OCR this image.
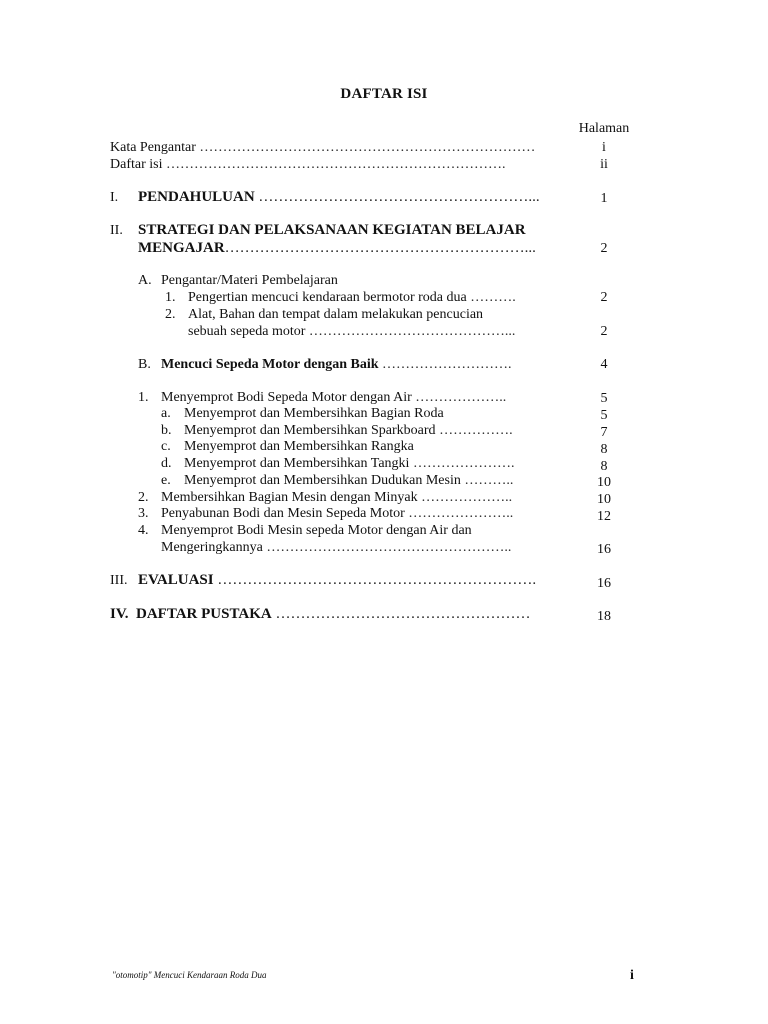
DAFTAR ISI
Halaman
Kata Pengantar ………………………………………………………………	i
Daftar isi ……………………………………………………………….	ii
I.	PENDAHULUAN ………………………………………………...	1
II.	STRATEGI DAN PELAKSANAAN KEGIATAN BELAJAR
MENGAJAR……………………………………………………...	2
A. Pengantar/Materi Pembelajaran
1. Pengertian mencuci kendaraan bermotor roda dua ……….	2
2. Alat, Bahan dan tempat dalam melakukan pencucian
sebuah sepeda motor ……………………………………...	2
B. Mencuci Sepeda Motor dengan Baik ……………………….	4
1. Menyemprot Bodi Sepeda Motor dengan Air ………………..	5
a. Menyemprot dan Membersihkan Bagian Roda	5
b. Menyemprot dan Membersihkan Sparkboard …………….	7
c. Menyemprot dan Membersihkan Rangka	8
d. Menyemprot dan Membersihkan Tangki ………………….	8
e. Menyemprot dan Membersihkan Dudukan Mesin ………..	10
2. Membersihkan Bagian Mesin dengan Minyak ………………..	10
3. Penyabunan Bodi dan Mesin Sepeda Motor …………………..	12
4. Menyemprot Bodi Mesin sepeda Motor dengan Air dan
Mengeringkannya ……………………………………………..	16
III. EVALUASI ……………………………………………………….	16
IV. DAFTAR PUSTAKA ……………………………………………	18
"otomotip" Mencuci Kendaraan Roda Dua	i
